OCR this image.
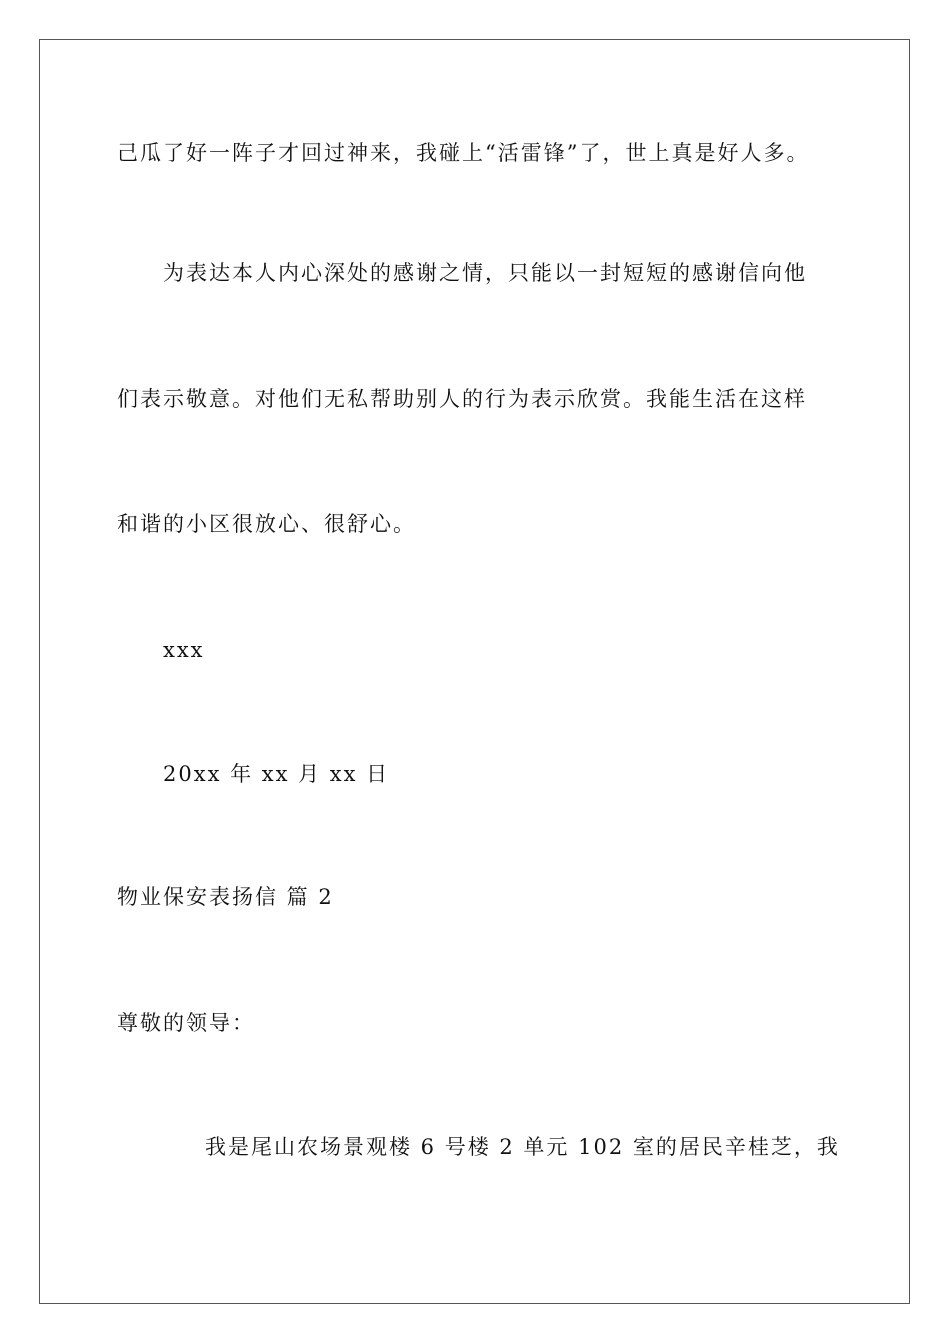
己瓜了好一阵子才回过神来，我碰上“活雷锋”了，世上真是好人多。
为表达本人内心深处的感谢之情，只能以一封短短的感谢信向他
们表示敬意。对他们无私帮助别人的行为表示欣赏。我能生活在这样
和谐的小区很放心、很舒心。
xxx
20xx 年 xx 月 xx 日
物业保安表扬信 篇 2
尊敬的领导：
我是尾山农场景观楼 6 号楼 2 单元 102 室的居民辛桂芝，我
